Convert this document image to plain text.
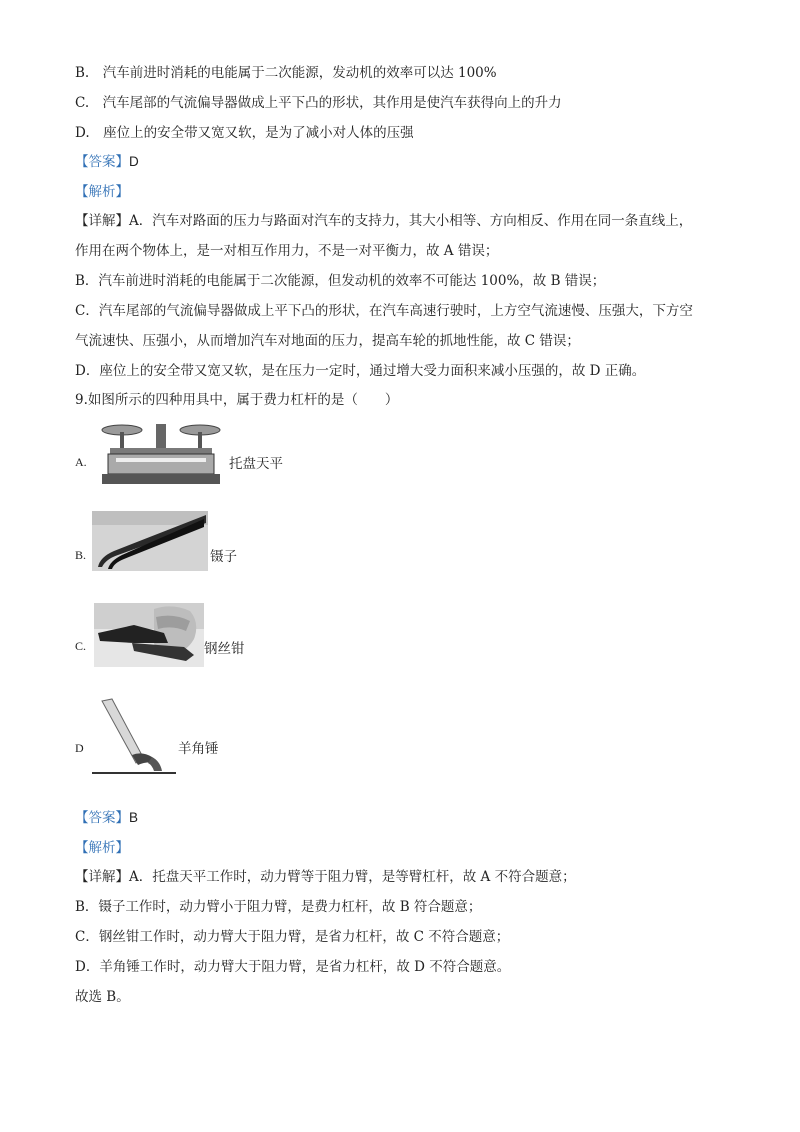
B.　汽车前进时消耗的电能属于二次能源，发动机的效率可以达 100%
C.　汽车尾部的气流偏导器做成上平下凸的形状，其作用是使汽车获得向上的升力
D.　座位上的安全带又宽又软，是为了减小对人体的压强
【答案】D
【解析】
【详解】A．汽车对路面的压力与路面对汽车的支持力，其大小相等、方向相反、作用在同一条直线上，
作用在两个物体上，是一对相互作用力，不是一对平衡力，故 A 错误；
B．汽车前进时消耗的电能属于二次能源，但发动机的效率不可能达 100%，故 B 错误；
C．汽车尾部的气流偏导器做成上平下凸的形状，在汽车高速行驶时，上方空气流速慢、压强大，下方空
气流速快、压强小，从而增加汽车对地面的压力，提高车轮的抓地性能，故 C 错误；
D．座位上的安全带又宽又软，是在压力一定时，通过增大受力面积来减小压强的，故 D 正确。
9.如图所示的四种用具中，属于费力杠杆的是（　　）
A.	托盘天平
B.	镊子
C.	钢丝钳
D	羊角锤
【答案】B
【解析】
【详解】A．托盘天平工作时，动力臂等于阻力臂，是等臂杠杆，故 A 不符合题意；
B．镊子工作时，动力臂小于阻力臂，是费力杠杆，故 B 符合题意；
C．钢丝钳工作时，动力臂大于阻力臂，是省力杠杆，故 C 不符合题意；
D．羊角锤工作时，动力臂大于阻力臂，是省力杠杆，故 D 不符合题意。
故选 B。
